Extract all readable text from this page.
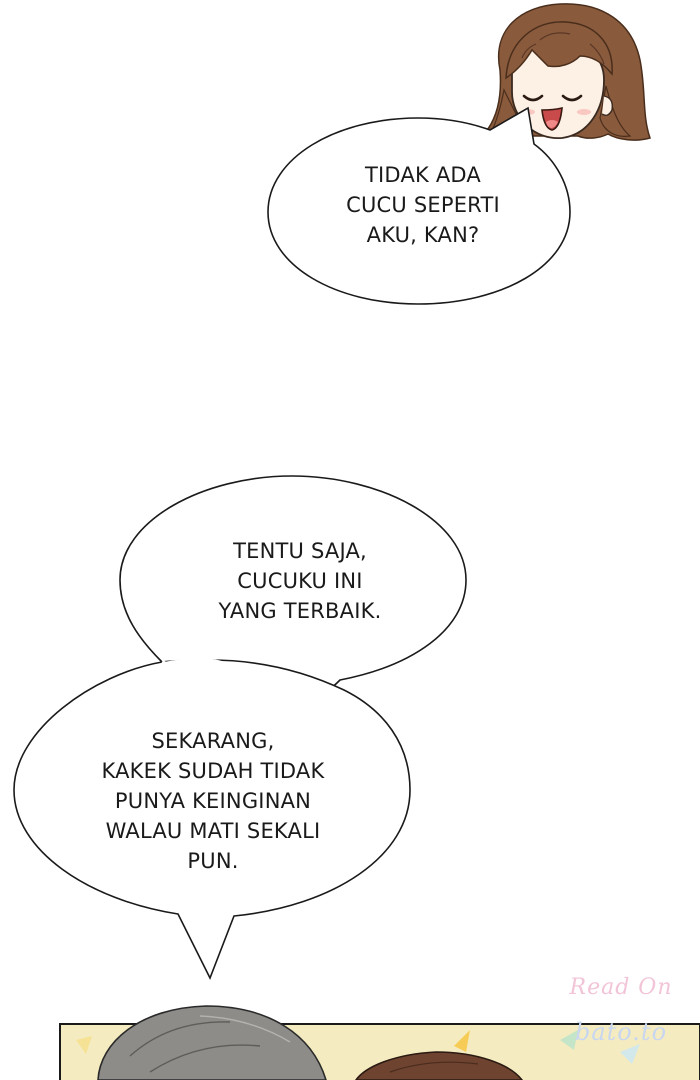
TIDAK ADA
CUCU SEPERTI
AKU, KAN?
TENTU SAJA,
CUCUKU INI
YANG TERBAIK.
SEKARANG,
KAKEK SUDAH TIDAK
PUNYA KEINGINAN
WALAU MATI SEKALI
PUN.
Read On
bato.to
